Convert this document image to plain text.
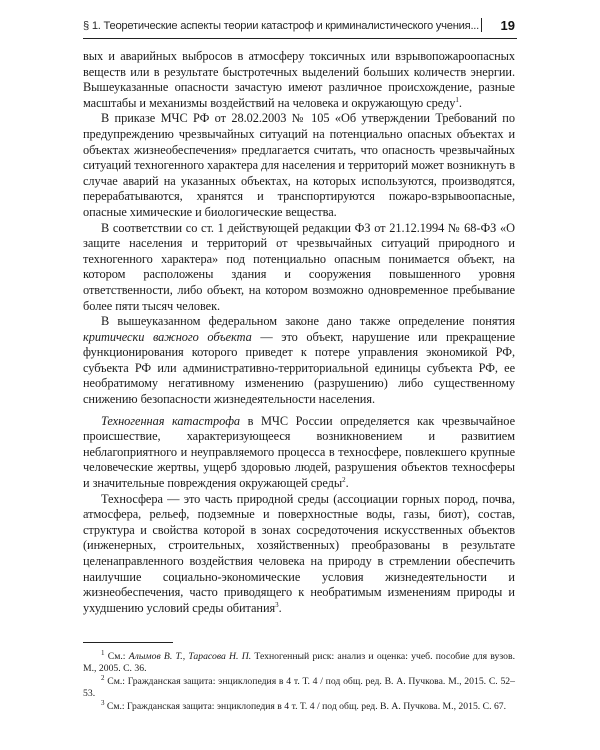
§ 1. Теоретические аспекты теории катастроф и криминалистического учения... 19

вых и аварийных выбросов в атмосферу токсичных или взрывопожароопасных веществ или в результате быстротечных выделений больших количеств энергии. Вышеуказанные опасности зачастую имеют различное происхождение, разные масштабы и механизмы воздействий на человека и окружающую среду$^1$.

В приказе МЧС РФ от 28.02.2003 № 105 «Об утверждении Требований по предупреждению чрезвычайных ситуаций на потенциально опасных объектах и объектах жизнеобеспечения» предлагается считать, что опасность чрезвычайных ситуаций техногенного характера для населения и территорий может возникнуть в случае аварий на указанных объектах, на которых используются, производятся, перерабатываются, хранятся и транспортируются пожаро-взрывоопасные, опасные химические и биологические вещества.

В соответствии со ст. 1 действующей редакции ФЗ от 21.12.1994 № 68-ФЗ «О защите населения и территорий от чрезвычайных ситуаций природного и техногенного характера» под потенциально опасным понимается объект, на котором расположены здания и сооружения повышенного уровня ответственности, либо объект, на котором возможно одновременное пребывание более пяти тысяч человек.

В вышеуказанном федеральном законе дано также определение понятия критически важного объекта — это объект, нарушение или прекращение функционирования которого приведет к потере управления экономикой РФ, субъекта РФ или административно-территориальной единицы субъекта РФ, ее необратимому негативному изменению (разрушению) либо существенному снижению безопасности жизнедеятельности населения.

Техногенная катастрофа в МЧС России определяется как чрезвычайное происшествие, характеризующееся возникновением и развитием неблагоприятного и неуправляемого процесса в техносфере, повлекшего крупные человеческие жертвы, ущерб здоровью людей, разрушения объектов техносферы и значительные повреждения окружающей среды$^2$.

Техносфера — это часть природной среды (ассоциации горных пород, почва, атмосфера, рельеф, подземные и поверхностные воды, газы, биот), состав, структура и свойства которой в зонах сосредоточения искусственных объектов (инженерных, строительных, хозяйственных) преобразованы в результате целенаправленного воздействия человека на природу в стремлении обеспечить наилучшие социально-экономические условия жизнедеятельности и жизнеобеспечения, часто приводящего к необратимым изменениям природы и ухудшению условий среды обитания$^3$.

$^1$ См.: Алымов В. Т., Тарасова Н. П. Техногенный риск: анализ и оценка: учеб. пособие для вузов. М., 2005. С. 36.

$^2$ См.: Гражданская защита: энциклопедия в 4 т. Т. 4 / под общ. ред. В. А. Пучкова. М., 2015. С. 52–53.

$^3$ См.: Гражданская защита: энциклопедия в 4 т. Т. 4 / под общ. ред. В. А. Пучкова. М., 2015. С. 67.
